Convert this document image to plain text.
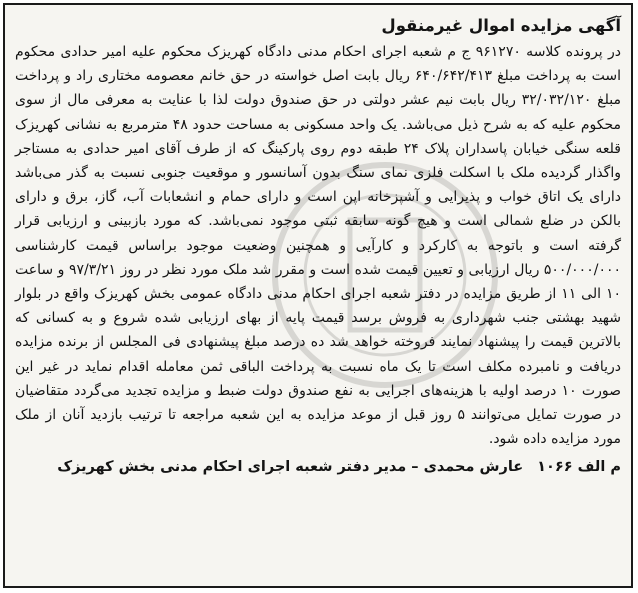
آگهی مزایده اموال غیرمنقول

در پرونده کلاسه ۹۶۱۲۷۰ ج م شعبه اجرای احکام مدنی دادگاه کهریزک محکوم علیه امیر حدادی محکوم است به پرداخت مبلغ ۶۴۰/۶۴۲/۴۱۳ ریال بابت اصل خواسته در حق خانم معصومه مختاری راد و پرداخت مبلغ ۳۲/۰۳۲/۱۲۰ ریال بابت نیم عشر دولتی در حق صندوق دولت لذا با عنایت به معرفی مال از سوی محکوم علیه که به شرح ذیل می‌باشد. یک واحد مسکونی به مساحت حدود ۴۸ مترمربع به نشانی کهریزک قلعه سنگی خیابان پاسداران پلاک ۲۴ طبقه دوم روی پارکینگ که از طرف آقای امیر حدادی به مستاجر واگذار گردیده ملک با اسکلت فلزی نمای سنگ بدون آسانسور و موقعیت جنوبی نسبت به گذر می‌باشد دارای یک اتاق خواب و پذیرایی و آشپزخانه اپن است و دارای حمام و انشعابات آب، گاز، برق و دارای بالکن در ضلع شمالی است و هیچ گونه سابقه ثبتی موجود نمی‌باشد. که مورد بازبینی و ارزیابی قرار گرفته است و باتوجه به کارکرد و کارآیی و همچنین وضعیت موجود براساس قیمت کارشناسی ۵۰۰/۰۰۰/۰۰۰ ریال ارزیابی و تعیین قیمت شده است و مقرر شد ملک مورد نظر در روز ۹۷/۳/۲۱ و ساعت ۱۰ الی ۱۱ از طریق مزایده در دفتر شعبه اجرای احکام مدنی دادگاه عمومی بخش کهریزک واقع در بلوار شهید بهشتی جنب شهرداری به فروش برسد قیمت پایه از بهای ارزیابی شده شروع و به کسانی که بالاترین قیمت را پیشنهاد نمایند فروخته خواهد شد ده درصد مبلغ پیشنهادی فی المجلس از برنده مزایده دریافت و نامبرده مکلف است تا یک ماه نسبت به پرداخت الباقی ثمن معامله اقدام نماید در غیر این صورت ۱۰ درصد اولیه با هزینه‌های اجرایی به نفع صندوق دولت ضبط و مزایده تجدید می‌گردد متقاضیان در صورت تمایل می‌توانند ۵ روز قبل از موعد مزایده به این شعبه مراجعه تا ترتیب بازدید آنان از ملک مورد مزایده داده شود.

م الف ۱۰۶۶عارش محمدی – مدیر دفتر شعبه اجرای احکام مدنی بخش کهریزک
